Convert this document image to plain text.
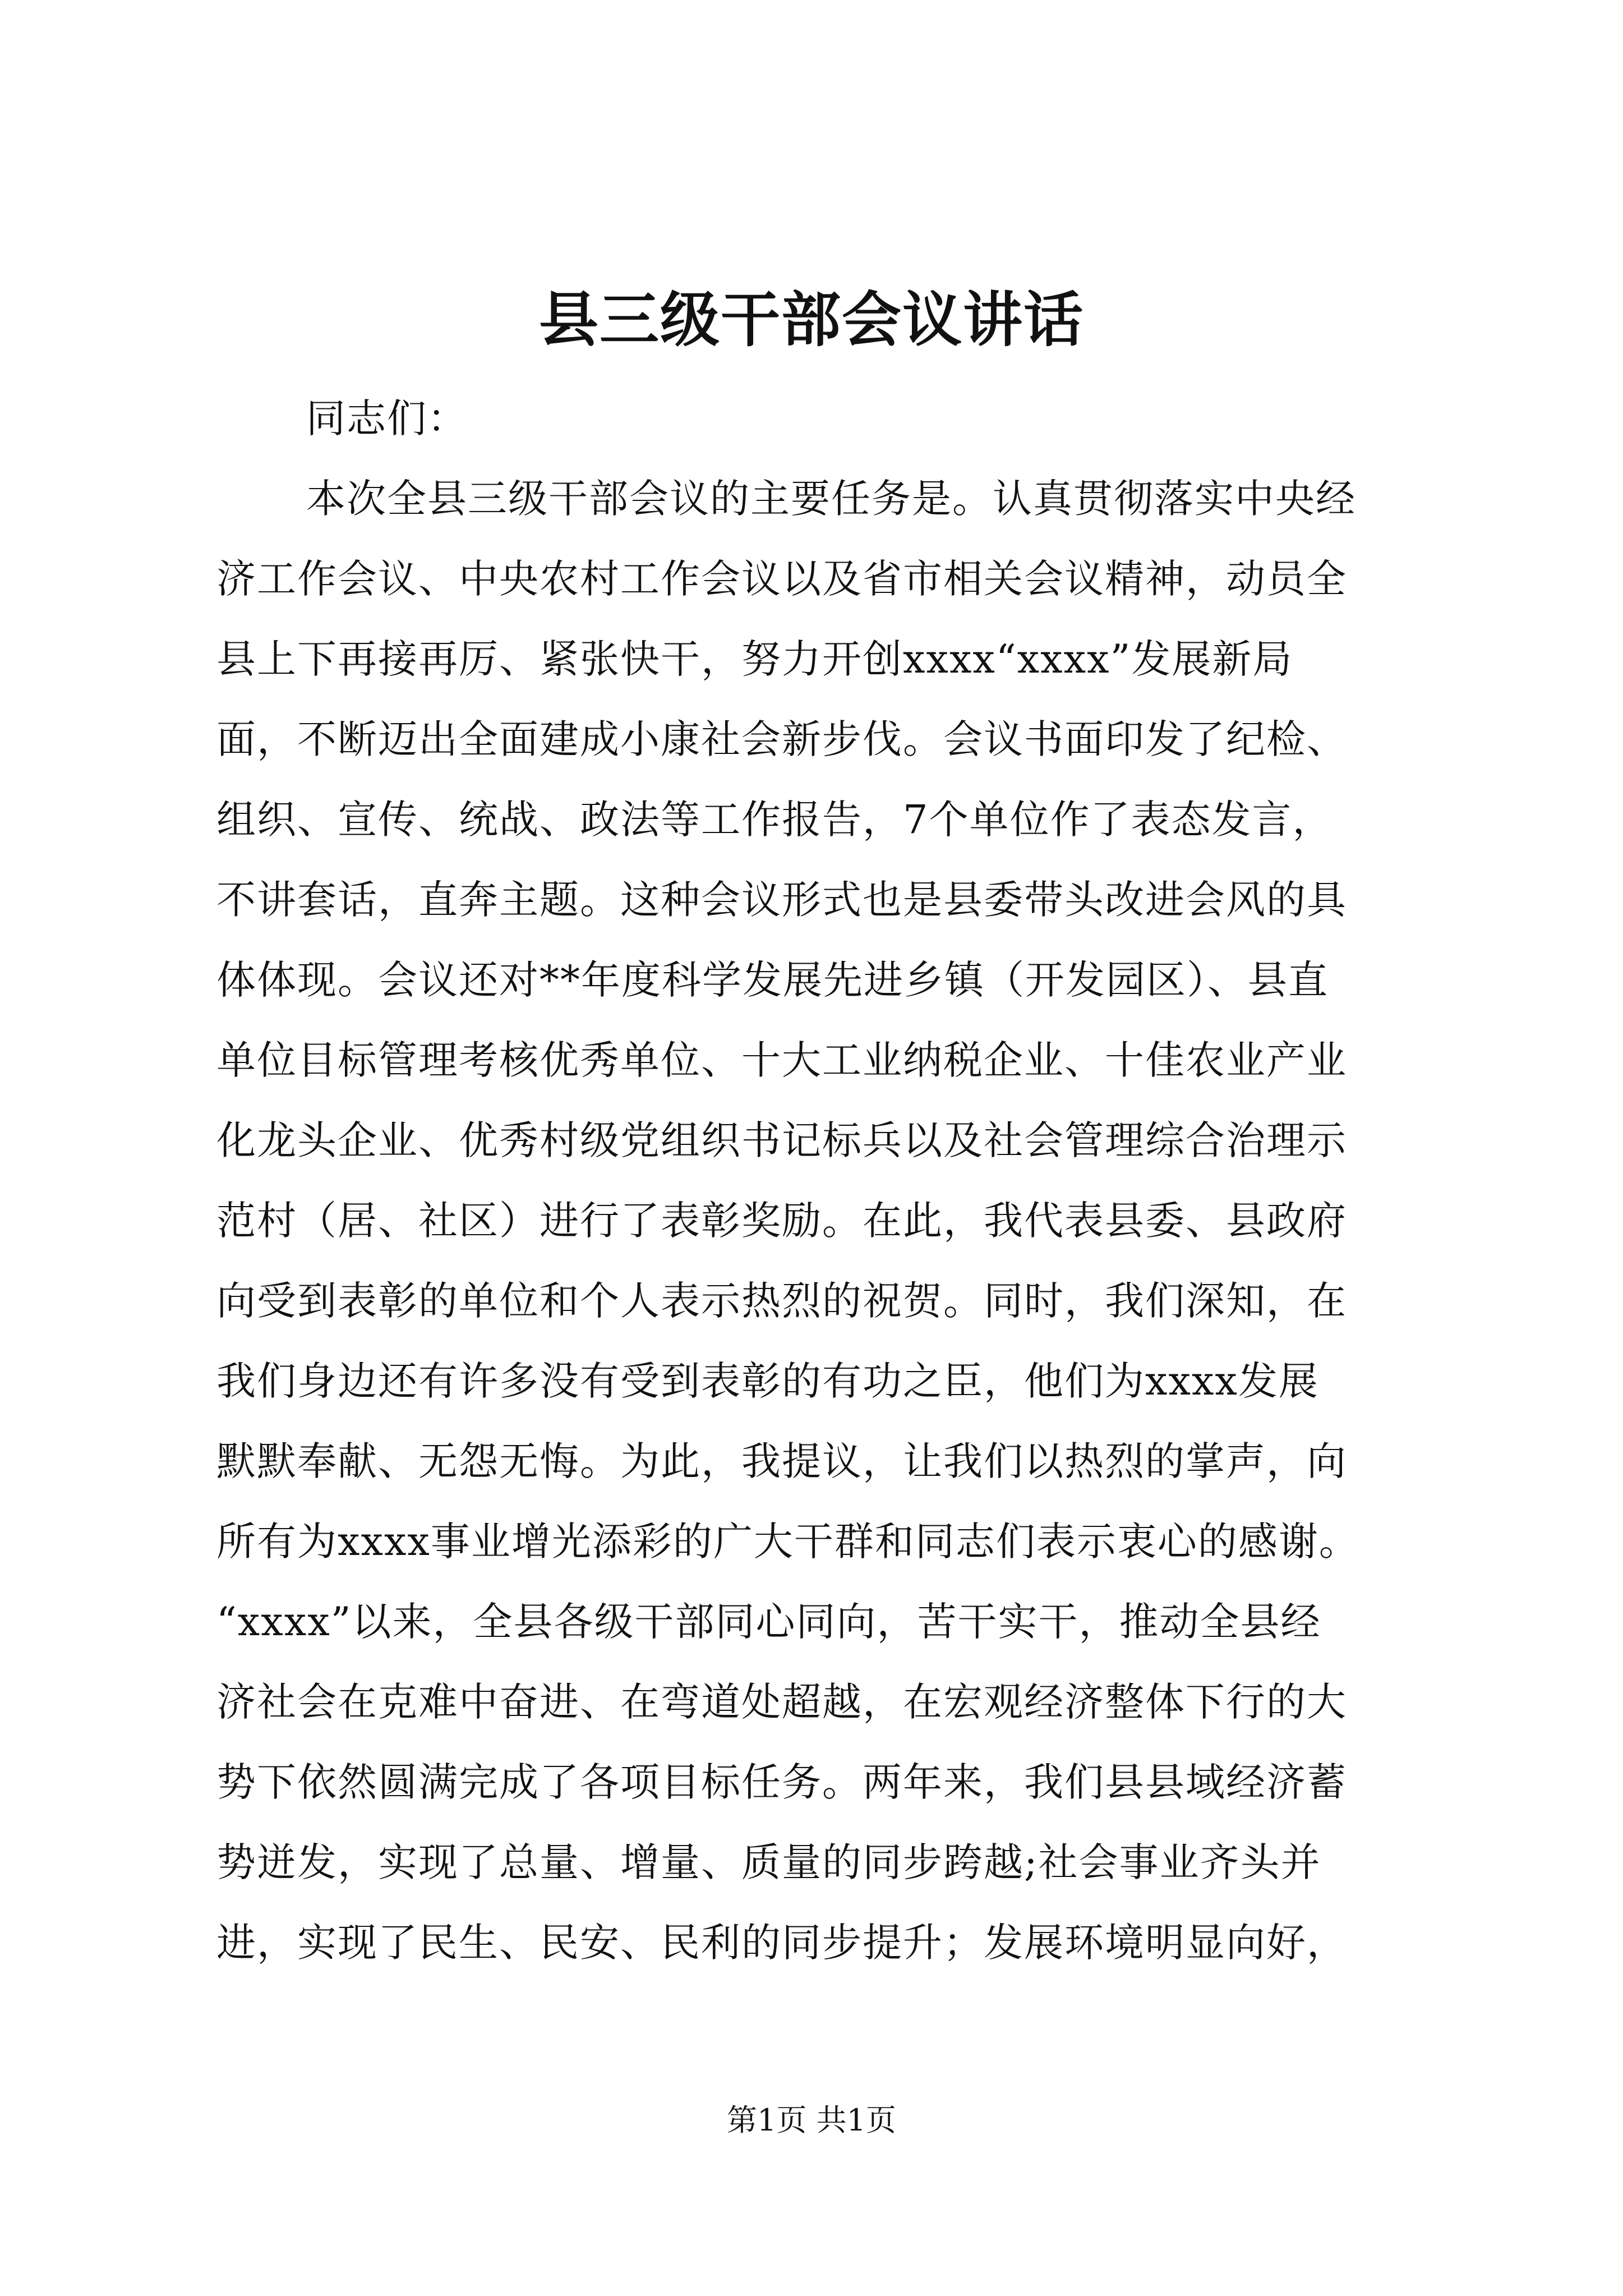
县三级干部会议讲话
同志们：
本次全县三级干部会议的主要任务是。认真贯彻落实中央经
济工作会议、中央农村工作会议以及省市相关会议精神，动员全
县上下再接再厉、紧张快干，努力开创xxxx“xxxx”发展新局
面，不断迈出全面建成小康社会新步伐。会议书面印发了纪检、
组织、宣传、统战、政法等工作报告，7个单位作了表态发言，
不讲套话，直奔主题。这种会议形式也是县委带头改进会风的具
体体现。会议还对**年度科学发展先进乡镇（开发园区）、县直
单位目标管理考核优秀单位、十大工业纳税企业、十佳农业产业
化龙头企业、优秀村级党组织书记标兵以及社会管理综合治理示
范村（居、社区）进行了表彰奖励。在此，我代表县委、县政府
向受到表彰的单位和个人表示热烈的祝贺。同时，我们深知，在
我们身边还有许多没有受到表彰的有功之臣，他们为xxxx发展
默默奉献、无怨无悔。为此，我提议，让我们以热烈的掌声，向
所有为xxxx事业增光添彩的广大干群和同志们表示衷心的感谢。
“xxxx”以来，全县各级干部同心同向，苦干实干，推动全县经
济社会在克难中奋进、在弯道处超越，在宏观经济整体下行的大
势下依然圆满完成了各项目标任务。两年来，我们县县域经济蓄
势迸发，实现了总量、增量、质量的同步跨越;社会事业齐头并
进，实现了民生、民安、民利的同步提升；发展环境明显向好，
第1页 共1页
